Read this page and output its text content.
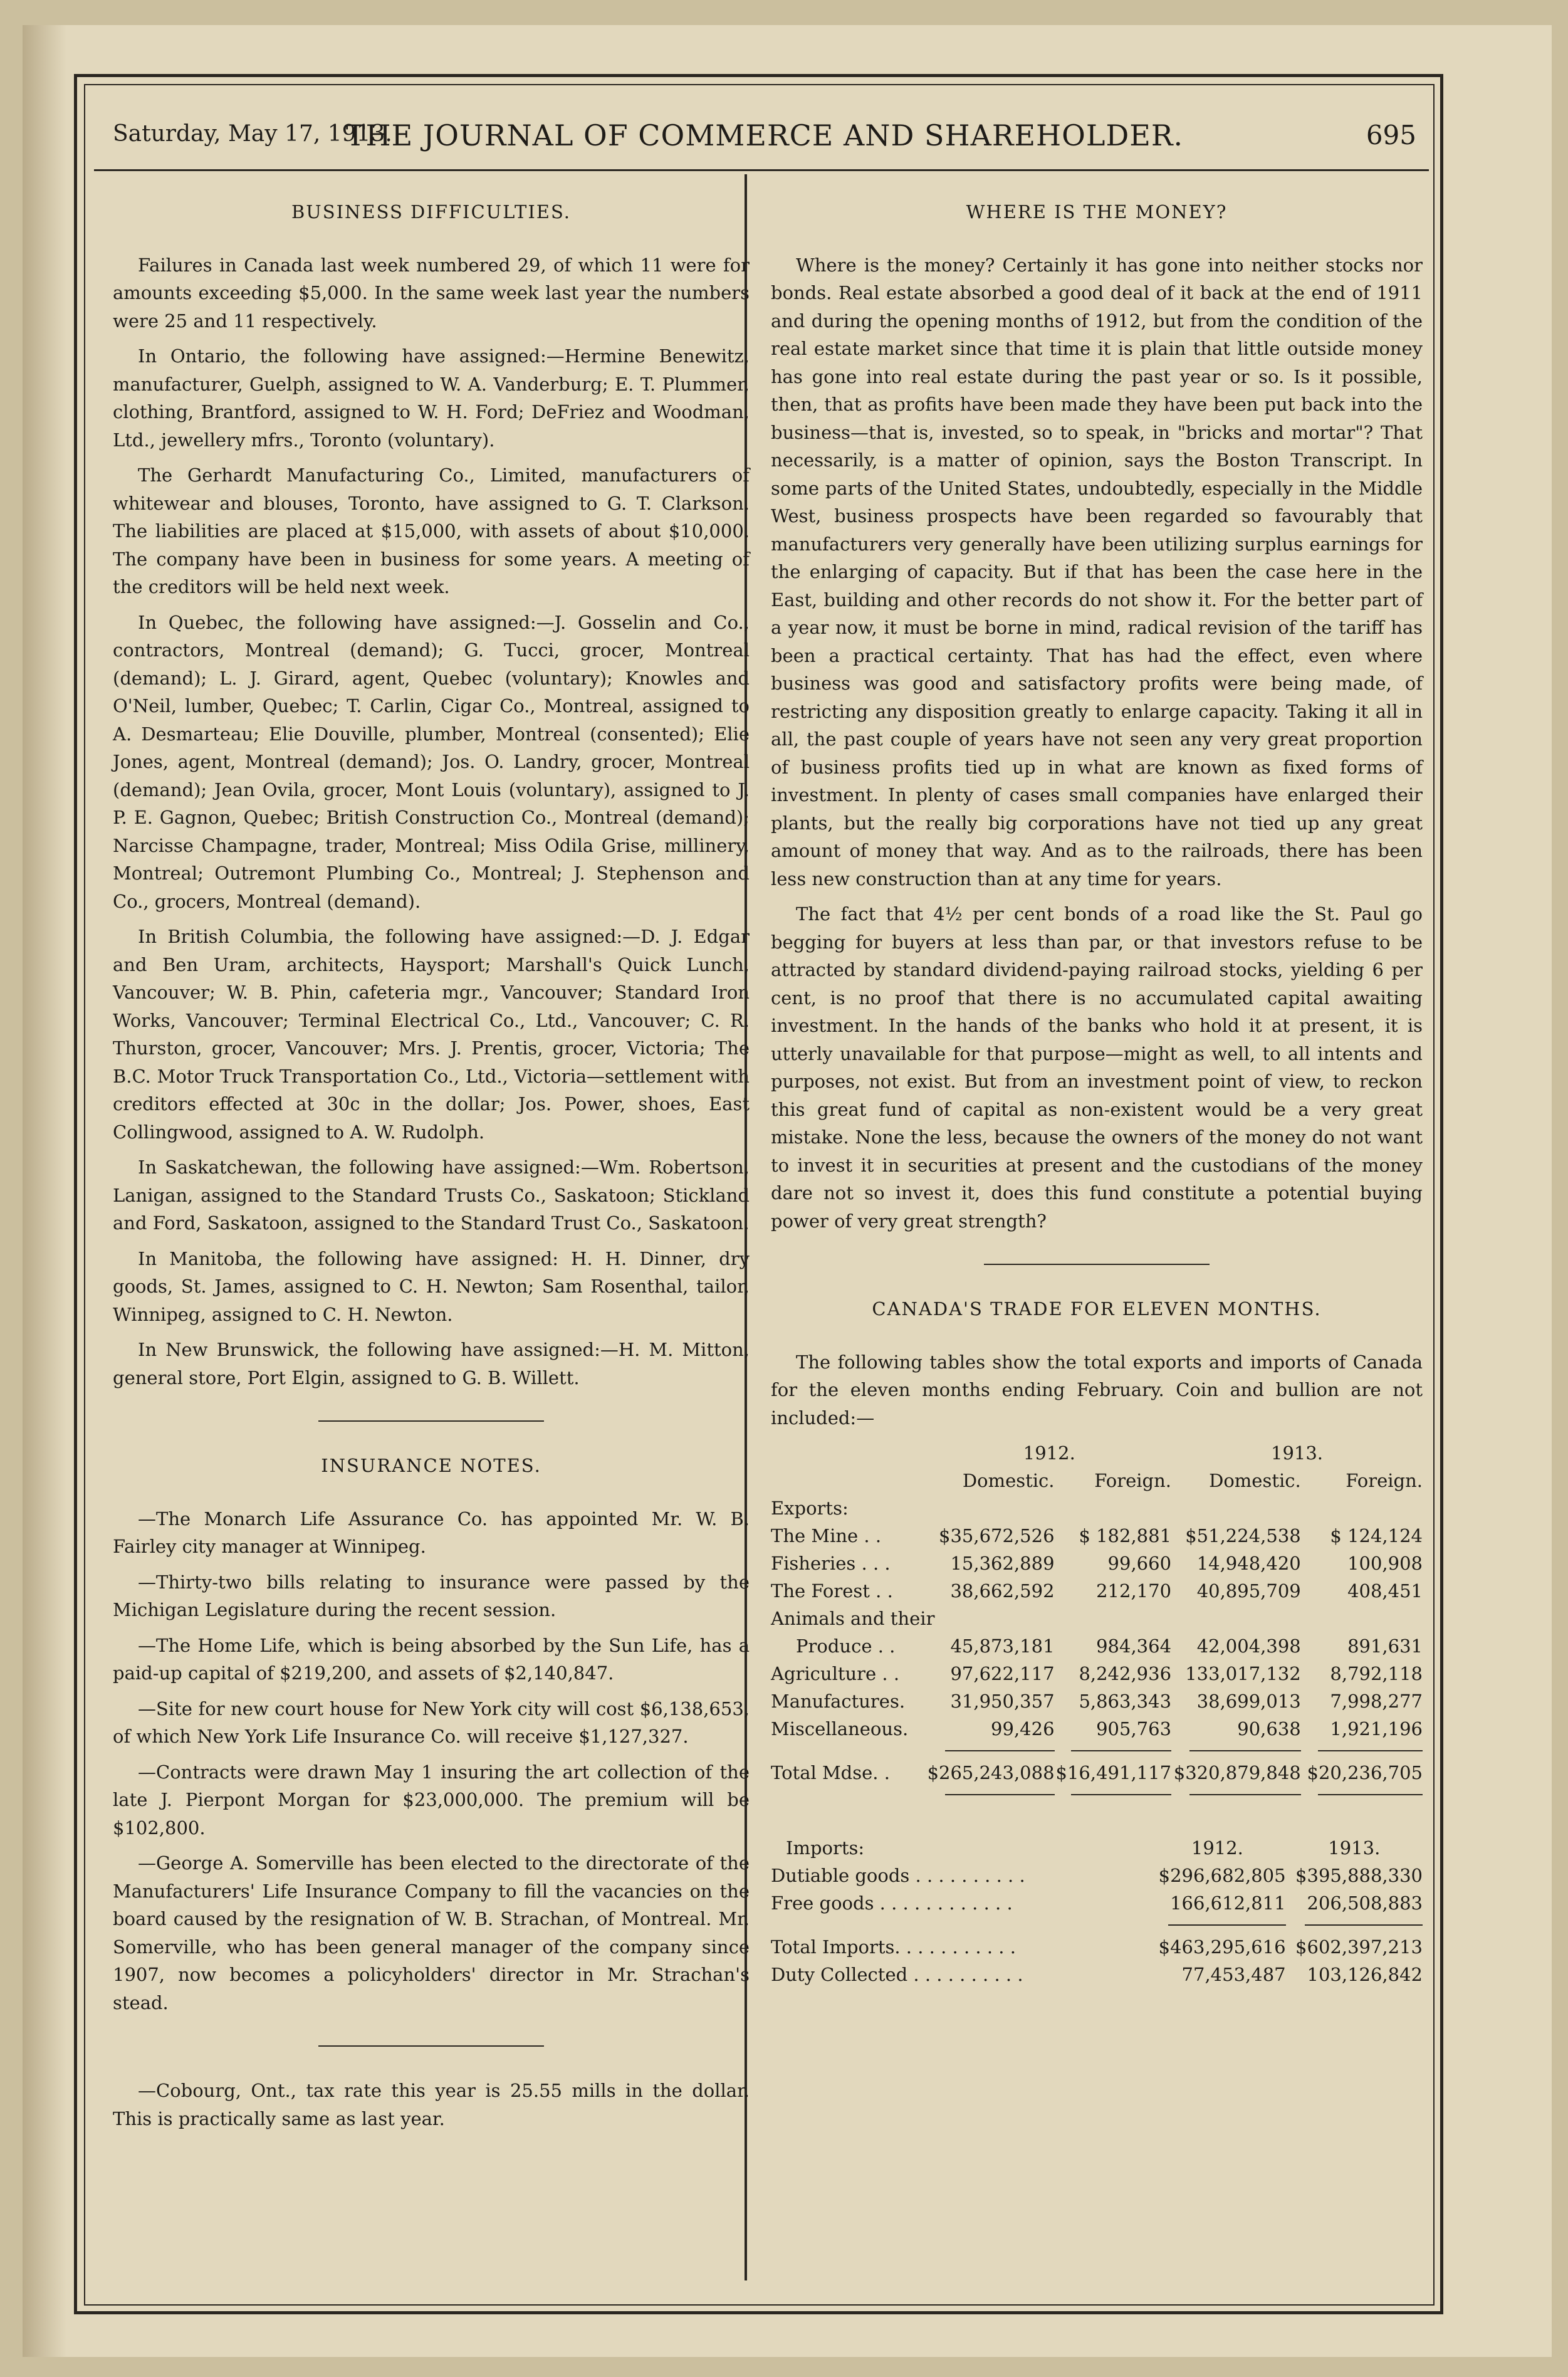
Saturday, May 17, 1913.
THE JOURNAL OF COMMERCE AND SHAREHOLDER.	695
BUSINESS DIFFICULTIES.

Failures in Canada last week numbered 29, of which 11 were for amounts exceeding $5,000. In the same week last year the numbers were 25 and 11 respectively.

In Ontario, the following have assigned:—Hermine Benewitz, manufacturer, Guelph, assigned to W. A. Vanderburg; E. T. Plummer, clothing, Brantford, assigned to W. H. Ford; DeFriez and Woodman, Ltd., jewellery mfrs., Toronto (voluntary).

The Gerhardt Manufacturing Co., Limited, manufacturers of whitewear and blouses, Toronto, have assigned to G. T. Clarkson. The liabilities are placed at $15,000, with assets of about $10,000. The company have been in business for some years. A meeting of the creditors will be held next week.

In Quebec, the following have assigned:—J. Gosselin and Co., contractors, Montreal (demand); G. Tucci, grocer, Montreal (demand); L. J. Girard, agent, Quebec (voluntary); Knowles and O'Neil, lumber, Quebec; T. Carlin, Cigar Co., Montreal, assigned to A. Desmarteau; Elie Douville, plumber, Montreal (consented); Elie Jones, agent, Montreal (demand); Jos. O. Landry, grocer, Montreal (demand); Jean Ovila, grocer, Mont Louis (voluntary), assigned to J. P. E. Gagnon, Quebec; British Construction Co., Montreal (demand); Narcisse Champagne, trader, Montreal; Miss Odila Grise, millinery, Montreal; Outremont Plumbing Co., Montreal; J. Stephenson and Co., grocers, Montreal (demand).

In British Columbia, the following have assigned:—D. J. Edgar and Ben Uram, architects, Haysport; Marshall's Quick Lunch, Vancouver; W. B. Phin, cafeteria mgr., Vancouver; Standard Iron Works, Vancouver; Terminal Electrical Co., Ltd., Vancouver; C. R. Thurston, grocer, Vancouver; Mrs. J. Prentis, grocer, Victoria; The B.C. Motor Truck Transportation Co., Ltd., Victoria—settlement with creditors effected at 30c in the dollar; Jos. Power, shoes, East Collingwood, assigned to A. W. Rudolph.

In Saskatchewan, the following have assigned:—Wm. Robertson, Lanigan, assigned to the Standard Trusts Co., Saskatoon; Stickland and Ford, Saskatoon, assigned to the Standard Trust Co., Saskatoon.

In Manitoba, the following have assigned: H. H. Dinner, dry goods, St. James, assigned to C. H. Newton; Sam Rosenthal, tailor, Winnipeg, assigned to C. H. Newton.

In New Brunswick, the following have assigned:—H. M. Mitton, general store, Port Elgin, assigned to G. B. Willett.

INSURANCE NOTES.

—The Monarch Life Assurance Co. has appointed Mr. W. B. Fairley city manager at Winnipeg.

—Thirty-two bills relating to insurance were passed by the Michigan Legislature during the recent session.

—The Home Life, which is being absorbed by the Sun Life, has a paid-up capital of $219,200, and assets of $2,140,847.

—Site for new court house for New York city will cost $6,138,653, of which New York Life Insurance Co. will receive $1,127,327.

—Contracts were drawn May 1 insuring the art collection of the late J. Pierpont Morgan for $23,000,000. The premium will be $102,800.

—George A. Somerville has been elected to the directorate of the Manufacturers' Life Insurance Company to fill the vacancies on the board caused by the resignation of W. B. Strachan, of Montreal. Mr. Somerville, who has been general manager of the company since 1907, now becomes a policyholders' director in Mr. Strachan's stead.

—Cobourg, Ont., tax rate this year is 25.55 mills in the dollar. This is practically same as last year.

WHERE IS THE MONEY?

Where is the money? Certainly it has gone into neither stocks nor bonds. Real estate absorbed a good deal of it back at the end of 1911 and during the opening months of 1912, but from the condition of the real estate market since that time it is plain that little outside money has gone into real estate during the past year or so. Is it possible, then, that as profits have been made they have been put back into the business—that is, invested, so to speak, in "bricks and mortar"? That necessarily, is a matter of opinion, says the Boston Transcript. In some parts of the United States, undoubtedly, especially in the Middle West, business prospects have been regarded so favourably that manufacturers very generally have been utilizing surplus earnings for the enlarging of capacity. But if that has been the case here in the East, building and other records do not show it. For the better part of a year now, it must be borne in mind, radical revision of the tariff has been a practical certainty. That has had the effect, even where business was good and satisfactory profits were being made, of restricting any disposition greatly to enlarge capacity. Taking it all in all, the past couple of years have not seen any very great proportion of business profits tied up in what are known as fixed forms of investment. In plenty of cases small companies have enlarged their plants, but the really big corporations have not tied up any great amount of money that way. And as to the railroads, there has been less new construction than at any time for years.

The fact that 4½ per cent bonds of a road like the St. Paul go begging for buyers at less than par, or that investors refuse to be attracted by standard dividend-paying railroad stocks, yielding 6 per cent, is no proof that there is no accumulated capital awaiting investment. In the hands of the banks who hold it at present, it is utterly unavailable for that purpose—might as well, to all intents and purposes, not exist. But from an investment point of view, to reckon this great fund of capital as non-existent would be a very great mistake. None the less, because the owners of the money do not want to invest it in securities at present and the custodians of the money dare not so invest it, does this fund constitute a potential buying power of very great strength?

CANADA'S TRADE FOR ELEVEN MONTHS.

The following tables show the total exports and imports of Canada for the eleven months ending February. Coin and bullion are not included:—

	1912.		1913.	
	Domestic.	Foreign.	Domestic.	Foreign.
Exports:				
The Mine . .	$35,672,526	$ 182,881	$51,224,538	$ 124,124
Fisheries . . .	15,362,889	99,660	14,948,420	100,908
The Forest . .	38,662,592	212,170	40,895,709	408,451
Animals and their				
Produce . .	45,873,181	984,364	42,004,398	891,631
Agriculture . .	97,622,117	8,242,936	133,017,132	8,792,118
Manufactures.	31,950,357	5,863,343	38,699,013	7,998,277
Miscellaneous.	99,426	905,763	90,638	1,921,196

Total Mdse. .	$265,243,088	$16,491,117	$320,879,848	$20,236,705

Imports:	1912.	1913.
Dutiable goods . . . . . . . . . .	$296,682,805	$395,888,330
Free goods . . . . . . . . . . . .	166,612,811	206,508,883

Total Imports. . . . . . . . . . .	$463,295,616	$602,397,213
Duty Collected . . . . . . . . . .	77,453,487	103,126,842
